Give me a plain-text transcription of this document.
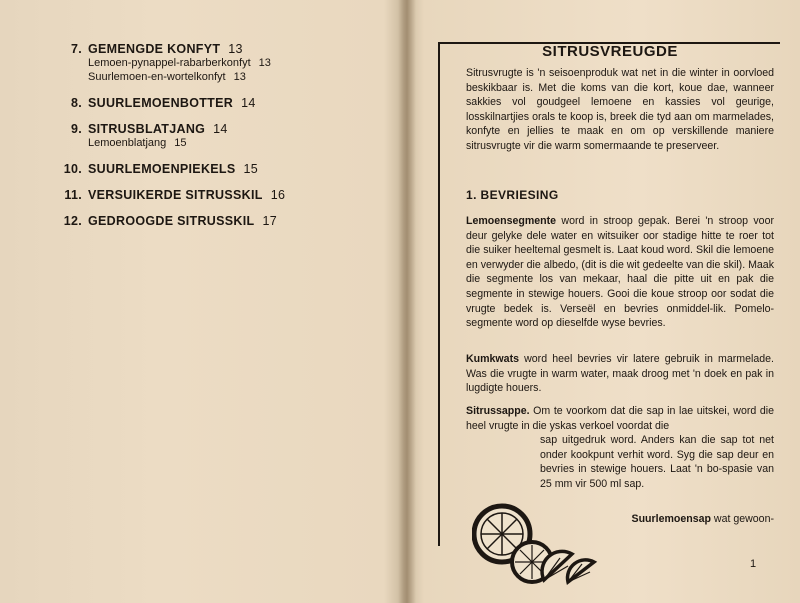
7. GEMENGDE KONFYT 13
Lemoen-pynappel-rabarberkonfyt 13
Suurlemoen-en-wortelkonfyt 13
8. SUURLEMOENBOTTER 14
9. SITRUSBLATJANG 14
Lemoenblatjang 15
10. SUURLEMOENPIEKELS 15
11. VERSUIKERDE SITRUSSKIL 16
12. GEDROOGDE SITRUSSKIL 17
SITRUSVREUGDE
Sitrusvrugte is 'n seisoenproduk wat net in die winter in oorvloed beskikbaar is. Met die koms van die kort, koue dae, wanneer sakkies vol goudgeel lemoene en kassies vol geurige, losskilnartjies orals te koop is, breek die tyd aan om marmelades, konfyte en jellies te maak en om op verskillende maniere sitrusvrugte vir die warm somermaande te preserveer.
1. BEVRIESING
Lemoensegmente word in stroop gepak. Berei 'n stroop voor deur gelyke dele water en witsuiker oor stadige hitte te roer tot die suiker heeltemal gesmelt is. Laat koud word. Skil die lemoene en verwyder die albedo, (dit is die wit gedeelte van die skil). Maak die segmente los van mekaar, haal die pitte uit en pak die segmente in stewige houers. Gooi die koue stroop oor sodat die vrugte bedek is. Verseël en bevries onmiddel-lik. Pomelo-segmente word op dieselfde wyse bevries.
Kumkwats word heel bevries vir latere gebruik in marmelade. Was die vrugte in warm water, maak droog met 'n doek en pak in lugdigte houers.
Sitrussappe. Om te voorkom dat die sap in lae uitskei, word die heel vrugte in die yskas verkoel voordat die
sap uitgedruk word. Anders kan die sap tot net onder kookpunt verhit word. Syg die sap deur en bevries in stewige houers. Laat 'n bo-spasie van 25 mm vir 500 ml sap.
Suurlemoensap wat gewoon-
1
